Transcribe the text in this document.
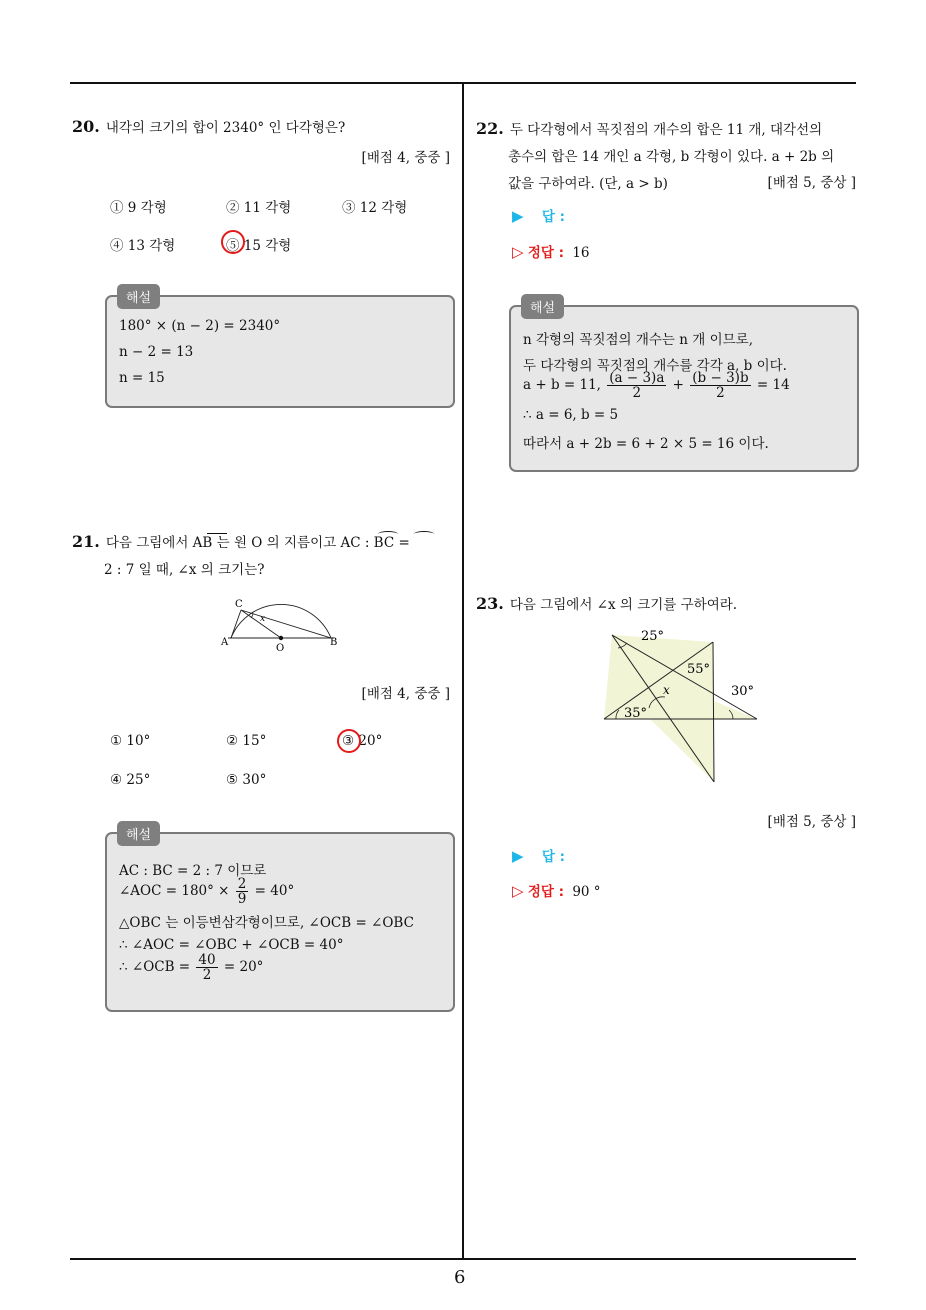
6
20. 내각의 크기의 합이 2340° 인 다각형은?
[배점 4, 중중 ]
① 9 각형	② 11 각형	③ 12 각형
④ 13 각형	⑤ 15 각형
180° × (n − 2) = 2340°
n − 2 = 13
n = 15
해설
21. 다음 그림에서 AB 는 원 O 의 지름이고 AC : BC =
2 : 7 일 때, ∠x 의 크기는?
C
x
A
O
B
[배점 4, 중중 ]
① 10°	② 15°	③ 20°
④ 25°	⑤ 30°
AC : BC = 2 : 7 이므로
∠AOC = $180^\circ \times \frac{2}{9} = 40^\circ$
△OBC 는 이등변삼각형이므로, ∠OCB = ∠OBC
∴ ∠AOC = ∠OBC + ∠OCB = 40°
∴ ∠OCB = $\frac{40}{2} = 20^\circ$
해설
22. 두 다각형에서 꼭짓점의 개수의 합은 11 개, 대각선의
총수의 합은 14 개인 a 각형, b 각형이 있다. a + 2b 의
값을 구하여라. (단, a > b)	[배점 5, 중상 ]
▶ 답 :
▷ 정답 : 16
n 각형의 꼭짓점의 개수는 n 개 이므로,
두 다각형의 꼭짓점의 개수를 각각 a, b 이다.
a + b = 11, $\frac{(a - 3)a}{2} + \frac{(b - 3)b}{2} = 14$
∴ a = 6, b = 5
따라서 a + 2b = 6 + 2 × 5 = 16 이다.
해설
23. 다음 그림에서 ∠x 의 크기를 구하여라.
25°
55°
30°
35°
x
[배점 5, 중상 ]
▶ 답 :
▷ 정답 : 90 °
